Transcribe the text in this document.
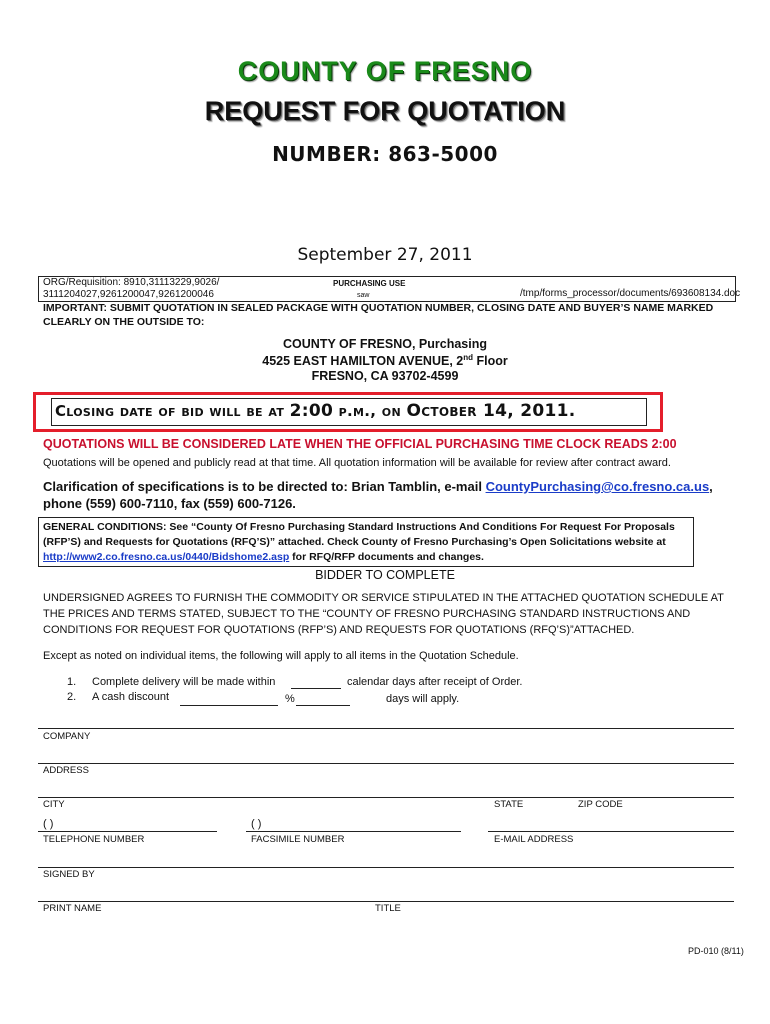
COUNTY OF FRESNO
REQUEST FOR QUOTATION
NUMBER: 863-5000
September 27, 2011
ORG/Requisition: 8910,31113229,9026/
3111204027,9261200047,9261200046
PURCHASING USE
saw	/tmp/forms_processor/documents/693608134.doc
IMPORTANT: SUBMIT QUOTATION IN SEALED PACKAGE WITH QUOTATION NUMBER, CLOSING DATE AND BUYER’S NAME MARKED CLEARLY ON THE OUTSIDE TO:
COUNTY OF FRESNO, Purchasing
4525 EAST HAMILTON AVENUE, 2nd Floor
FRESNO, CA 93702-4599
Closing date of bid will be at 2:00 p.m., on October 14, 2011.
QUOTATIONS WILL BE CONSIDERED LATE WHEN THE OFFICIAL PURCHASING TIME CLOCK READS 2:00
Quotations will be opened and publicly read at that time. All quotation information will be available for review after contract award.
Clarification of specifications is to be directed to: Brian Tamblin, e-mail CountyPurchasing@co.fresno.ca.us, phone (559) 600-7110, fax (559) 600-7126.
GENERAL CONDITIONS: See “County Of Fresno Purchasing Standard Instructions And Conditions For Request For Proposals (RFP’S) and Requests for Quotations (RFQ’S)” attached. Check County of Fresno Purchasing’s Open Solicitations website at http://www2.co.fresno.ca.us/0440/Bidshome2.asp for RFQ/RFP documents and changes.
BIDDER TO COMPLETE
UNDERSIGNED AGREES TO FURNISH THE COMMODITY OR SERVICE STIPULATED IN THE ATTACHED QUOTATION SCHEDULE AT THE PRICES AND TERMS STATED, SUBJECT TO THE “COUNTY OF FRESNO PURCHASING STANDARD INSTRUCTIONS AND CONDITIONS FOR REQUEST FOR QUOTATIONS (RFP’S) AND REQUESTS FOR QUOTATIONS (RFQ’S)”ATTACHED.
Except as noted on individual items, the following will apply to all items in the Quotation Schedule.
1. Complete delivery will be made within	calendar days after receipt of Order.
2. A cash discount	%	days will apply.
COMPANY
ADDRESS
CITY	STATE	ZIP CODE
( )
TELEPHONE NUMBER
( )
FACSIMILE NUMBER	E-MAIL ADDRESS
SIGNED BY
PRINT NAME	TITLE
PD-010 (8/11)
